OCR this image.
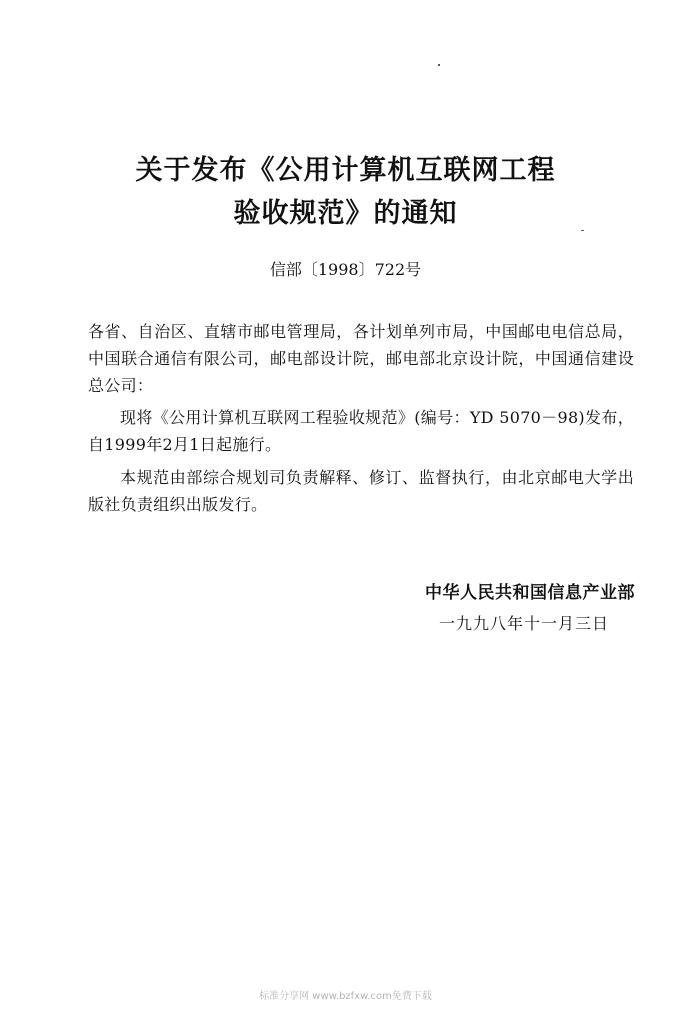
关于发布《公用计算机互联网工程
验收规范》的通知
信部〔1998〕722号

各省、自治区、直辖市邮电管理局，各计划单列市局，中国邮电电信总局，中国联合通信有限公司，邮电部设计院，邮电部北京设计院，中国通信建设总公司：

现将《公用计算机互联网工程验收规范》(编号：YD 5070－98)发布，自1999年2月1日起施行。

本规范由部综合规划司负责解释、修订、监督执行，由北京邮电大学出版社负责组织出版发行。

中华人民共和国信息产业部
一九九八年十一月三日
标准分享网 www.bzfxw.com免费下载
